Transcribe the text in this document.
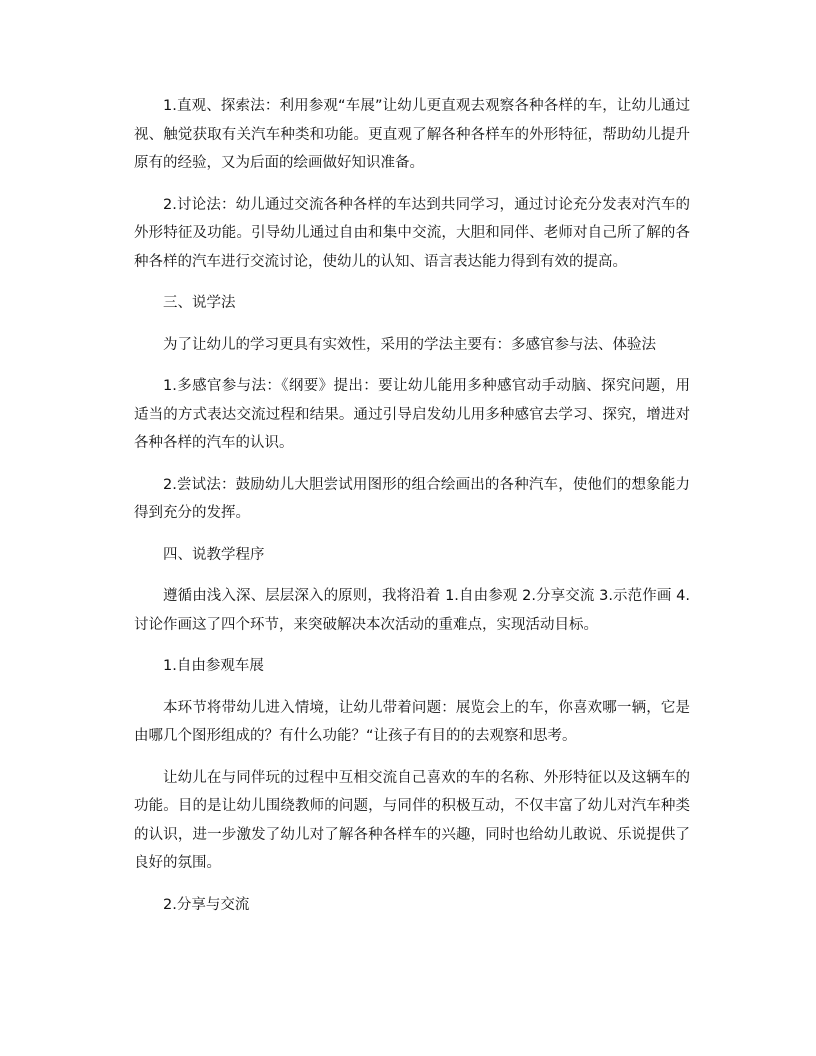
1.直观、探索法：利用参观“车展”让幼儿更直观去观察各种各样的车，让幼儿通过视、触觉获取有关汽车种类和功能。更直观了解各种各样车的外形特征，帮助幼儿提升原有的经验，又为后面的绘画做好知识准备。

2.讨论法：幼儿通过交流各种各样的车达到共同学习，通过讨论充分发表对汽车的外形特征及功能。引导幼儿通过自由和集中交流，大胆和同伴、老师对自己所了解的各种各样的汽车进行交流讨论，使幼儿的认知、语言表达能力得到有效的提高。

三、说学法

为了让幼儿的学习更具有实效性，采用的学法主要有：多感官参与法、体验法

1.多感官参与法：《纲要》提出：要让幼儿能用多种感官动手动脑、探究问题，用适当的方式表达交流过程和结果。通过引导启发幼儿用多种感官去学习、探究，增进对各种各样的汽车的认识。

2.尝试法：鼓励幼儿大胆尝试用图形的组合绘画出的各种汽车，使他们的想象能力得到充分的发挥。

四、说教学程序

遵循由浅入深、层层深入的原则，我将沿着 1.自由参观 2.分享交流 3.示范作画 4.讨论作画这了四个环节，来突破解决本次活动的重难点，实现活动目标。

1.自由参观车展

本环节将带幼儿进入情境，让幼儿带着问题：展览会上的车，你喜欢哪一辆，它是由哪几个图形组成的？有什么功能？“让孩子有目的的去观察和思考。

让幼儿在与同伴玩的过程中互相交流自己喜欢的车的名称、外形特征以及这辆车的功能。目的是让幼儿围绕教师的问题，与同伴的积极互动，不仅丰富了幼儿对汽车种类的认识，进一步激发了幼儿对了解各种各样车的兴趣，同时也给幼儿敢说、乐说提供了良好的氛围。

2.分享与交流
